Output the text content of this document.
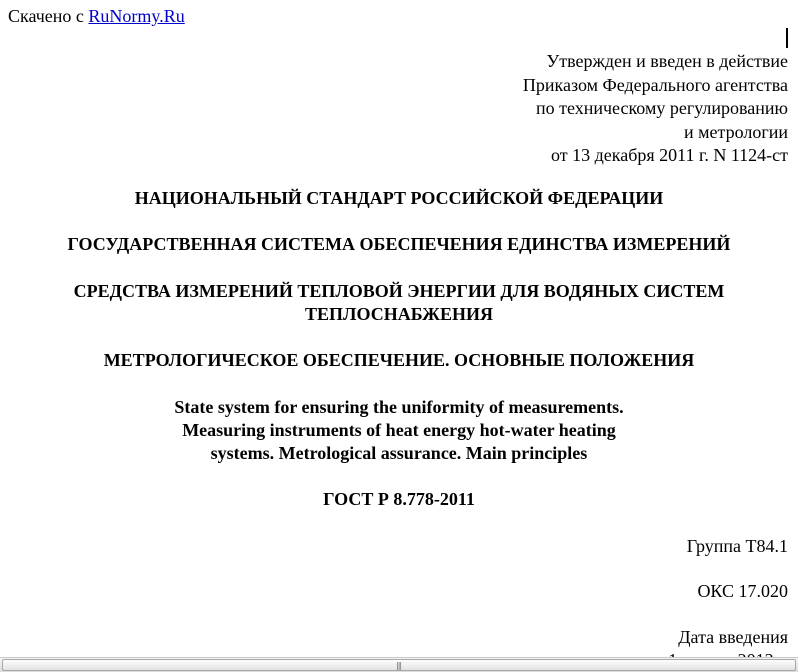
Скачено с RuNormy.Ru
Утвержден и введен в действие
Приказом Федерального агентства
по техническому регулированию
и метрологии
от 13 декабря 2011 г. N 1124-ст
НАЦИОНАЛЬНЫЙ СТАНДАРТ РОССИЙСКОЙ ФЕДЕРАЦИИ
ГОСУДАРСТВЕННАЯ СИСТЕМА ОБЕСПЕЧЕНИЯ ЕДИНСТВА ИЗМЕРЕНИЙ
СРЕДСТВА ИЗМЕРЕНИЙ ТЕПЛОВОЙ ЭНЕРГИИ ДЛЯ ВОДЯНЫХ СИСТЕМ
ТЕПЛОСНАБЖЕНИЯ
МЕТРОЛОГИЧЕСКОЕ ОБЕСПЕЧЕНИЕ. ОСНОВНЫЕ ПОЛОЖЕНИЯ
State system for ensuring the uniformity of measurements.
Measuring instruments of heat energy hot-water heating
systems. Metrological assurance. Main principles
ГОСТ Р 8.778-2011
Группа Т84.1
ОКС 17.020
Дата введения
|||
